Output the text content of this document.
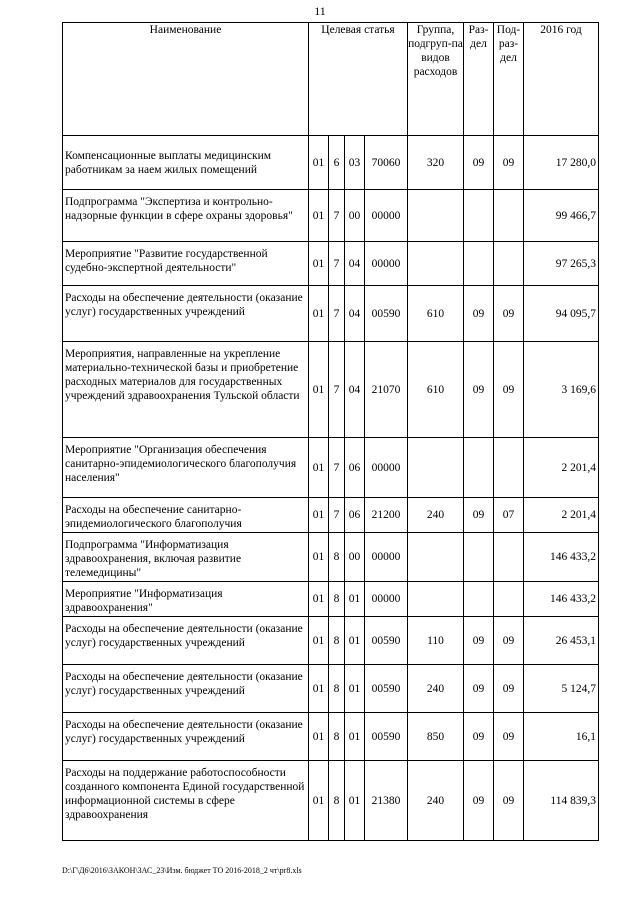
11
Наименование	Целевая статья				Группа, подгруп-па видов расходов	Раз-дел	Под-раз-дел	2016 год

Компенсационные выплаты медицинским работникам за наем жилых помещений	01	6	03	70060	320	09	09	17 280,0

Подпрограмма "Экспертиза и контрольно-надзорные функции в сфере охраны здоровья"	01	7	00	00000				99 466,7

Мероприятие "Развитие государственной судебно-экспертной деятельности"	01	7	04	00000				97 265,3

Расходы на обеспечение деятельности (оказание услуг) государственных учреждений	01	7	04	00590	610	09	09	94 095,7

Мероприятия, направленные на укрепление материально-технической базы и приобретение расходных материалов для государственных учреждений здравоохранения Тульской области	01	7	04	21070	610	09	09	3 169,6

Мероприятие "Организация обеспечения санитарно-эпидемиологического благополучия населения"	01	7	06	00000				2 201,4

Расходы на обеспечение санитарно-эпидемиологического благополучия	01	7	06	21200	240	09	07	2 201,4

Подпрограмма "Информатизация здравоохранения, включая развитие телемедицины"	01	8	00	00000				146 433,2

Мероприятие "Информатизация здравоохранения"	01	8	01	00000				146 433,2

Расходы на обеспечение деятельности (оказание услуг) государственных учреждений	01	8	01	00590	110	09	09	26 453,1

Расходы на обеспечение деятельности (оказание услуг) государственных учреждений	01	8	01	00590	240	09	09	5 124,7

Расходы на обеспечение деятельности (оказание услуг) государственных учреждений	01	8	01	00590	850	09	09	16,1

Расходы на поддержание работоспособности созданного компонента Единой государственной информационной системы в сфере здравоохранения	01	8	01	21380	240	09	09	114 839,3
D:\Г\Д6\2016\ЗАКОН\ЗАС_23\Изм. бюджет ТО 2016-2018_2 чт\pr8.xls
